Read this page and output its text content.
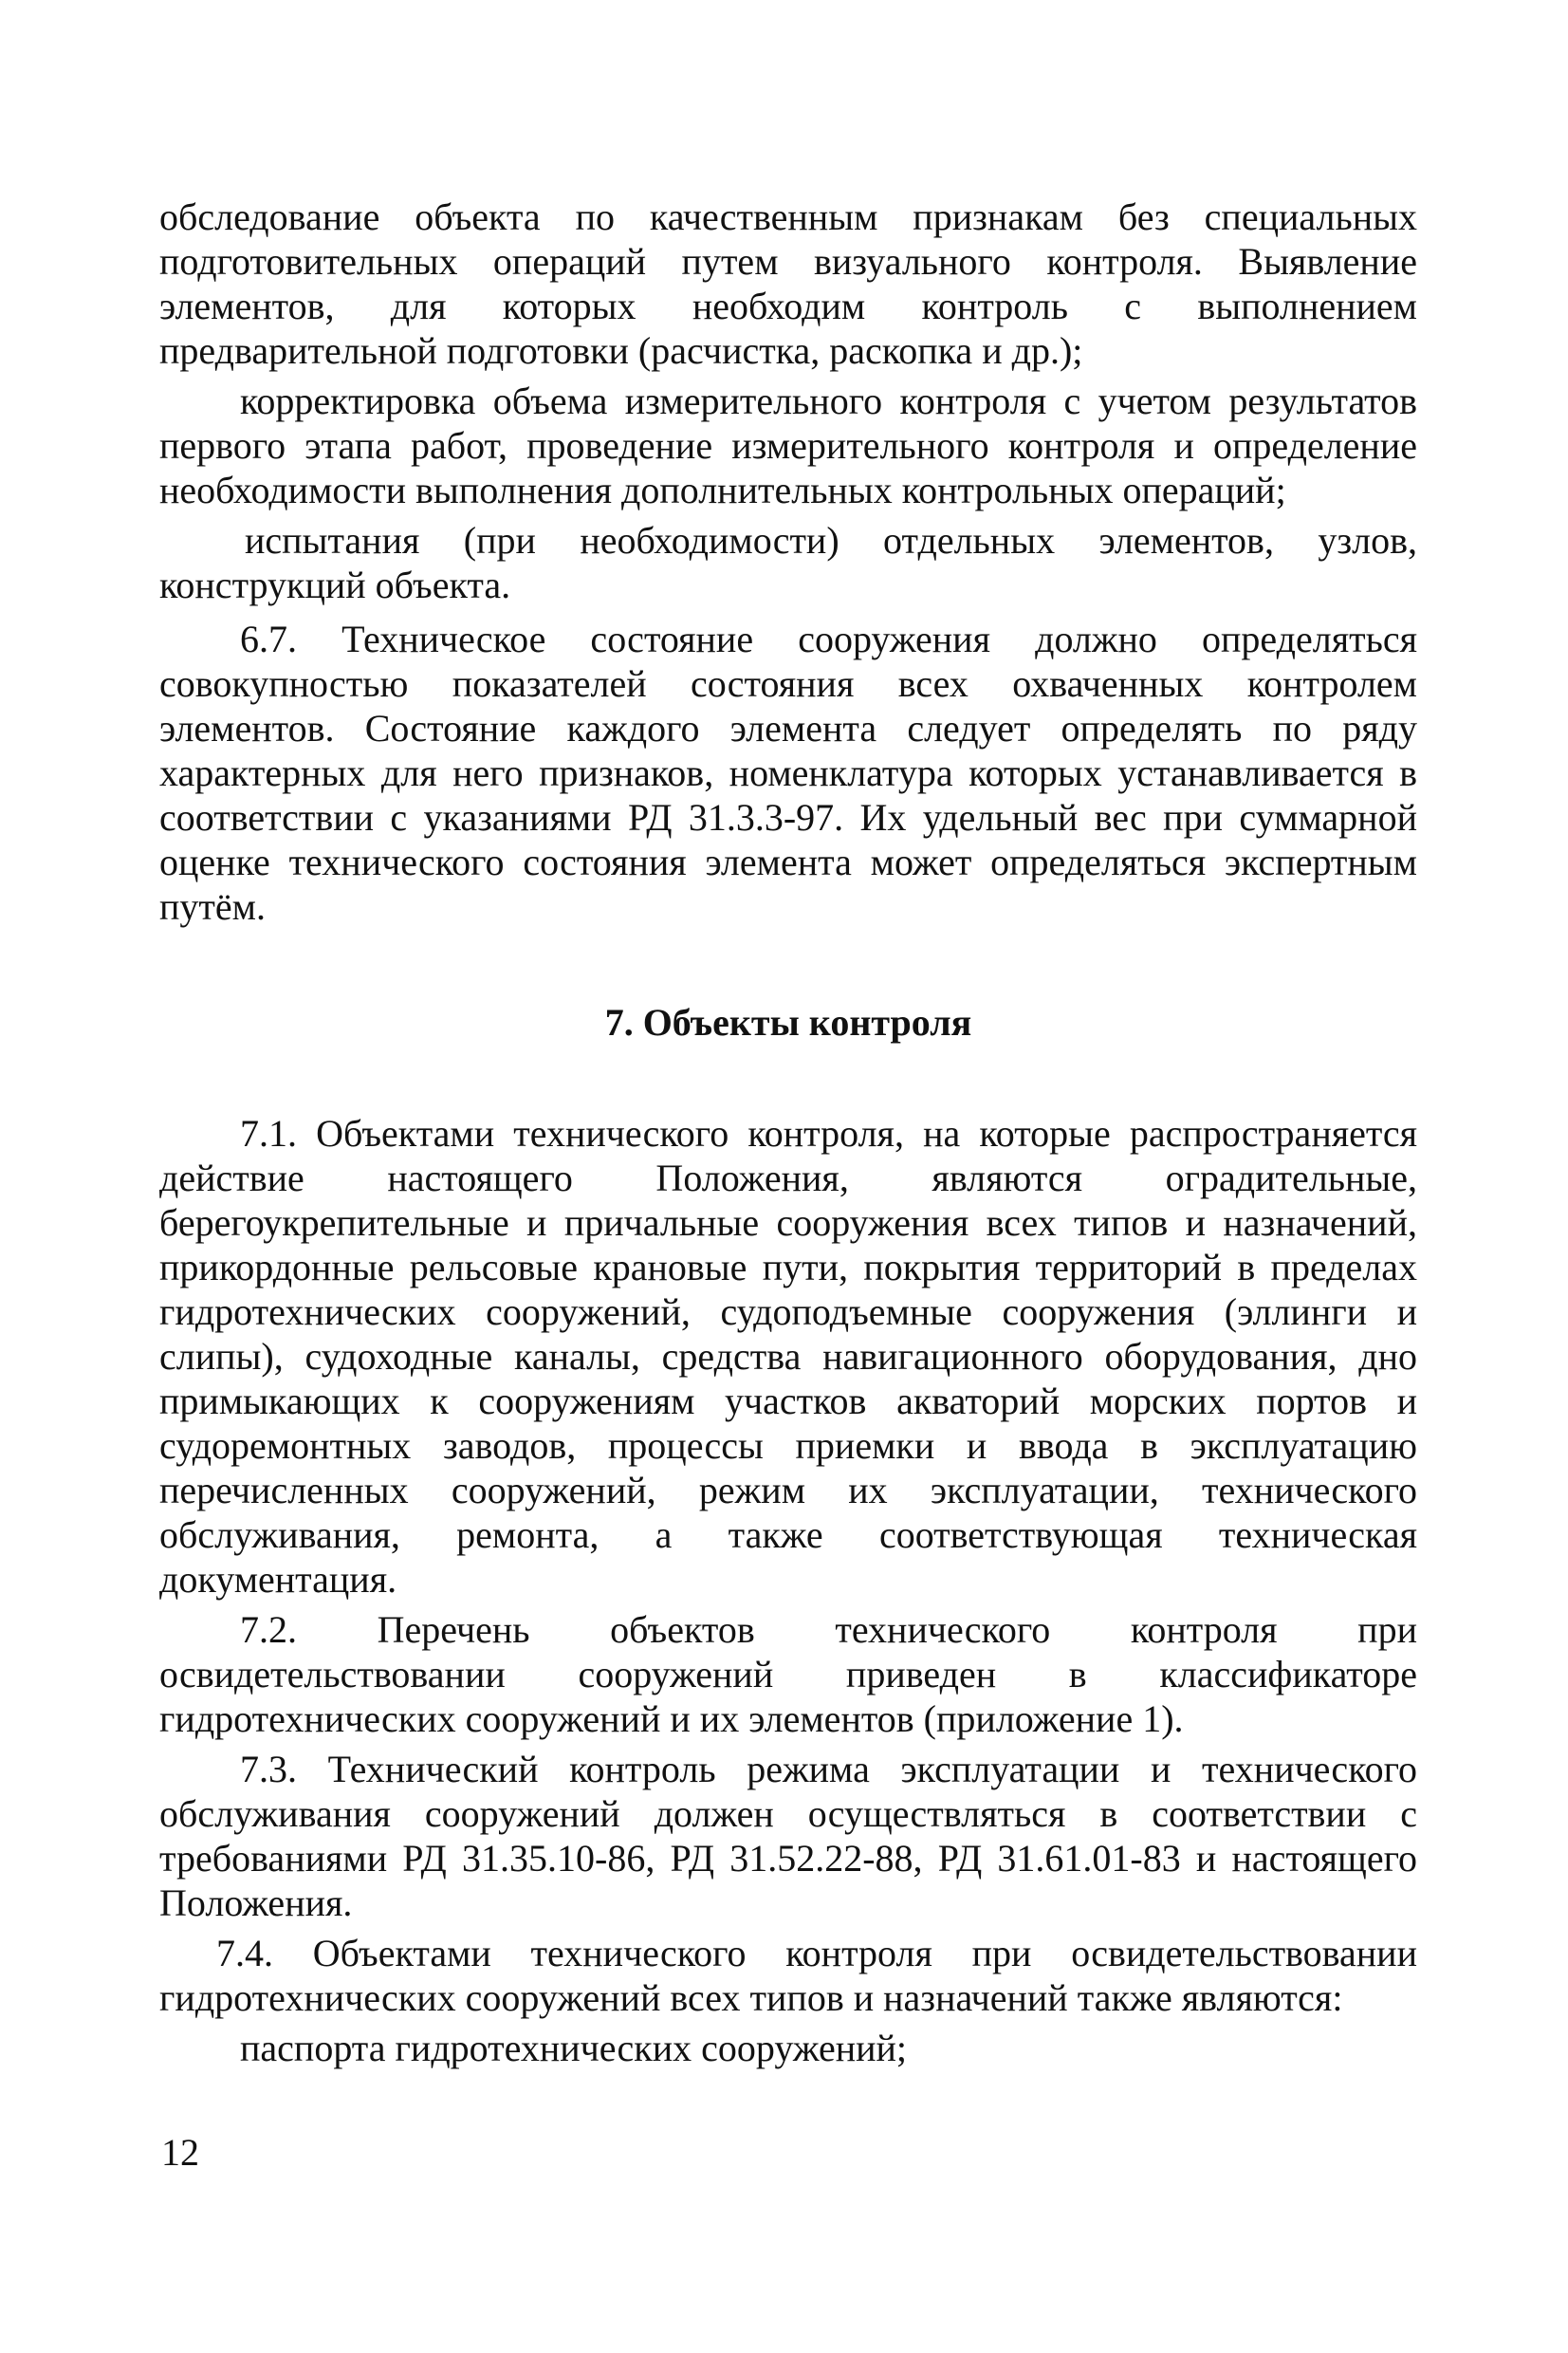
обследование объекта по качественным признакам без специальных подготовительных операций путем визуального контроля. Выявление элементов, для которых необходим контроль с выполнением предварительной подготовки (расчистка, раскопка и др.);

корректировка объема измерительного контроля с учетом результатов первого этапа работ, проведение измерительного контроля и определение необходимости выполнения дополнительных контрольных операций;

испытания (при необходимости) отдельных элементов, узлов, конструкций объекта.

6.7. Техническое состояние сооружения должно определяться совокупностью показателей состояния всех охваченных контролем элементов. Состояние каждого элемента следует определять по ряду характерных для него признаков, номенклатура которых устанавливается в соответствии с указаниями РД 31.3.3-97. Их удельный вес при суммарной оценке технического состояния элемента может определяться экспертным путём.

7. Объекты контроля

7.1. Объектами технического контроля, на которые распространяется действие настоящего Положения, являются оградительные, берегоукрепительные и причальные сооружения всех типов и назначений, прикордонные рельсовые крановые пути, покрытия территорий в пределах гидротехнических сооружений, судоподъемные сооружения (эллинги и слипы), судоходные каналы, средства навигационного оборудования, дно примыкающих к сооружениям участков акваторий морских портов и судоремонтных заводов, процессы приемки и ввода в эксплуатацию перечисленных сооружений, режим их эксплуатации, технического обслуживания, ремонта, а также соответствующая техническая документация.

7.2. Перечень объектов технического контроля при освидетельствовании сооружений приведен в классификаторе гидротехнических сооружений и их элементов (приложение 1).

7.3. Технический контроль режима эксплуатации и технического обслуживания сооружений должен осуществляться в соответствии с требованиями РД 31.35.10-86, РД 31.52.22-88, РД 31.61.01-83 и настоящего Положения.

7.4. Объектами технического контроля при освидетельствовании гидротехнических сооружений всех типов и назначений также являются:

паспорта гидротехнических сооружений;

12
